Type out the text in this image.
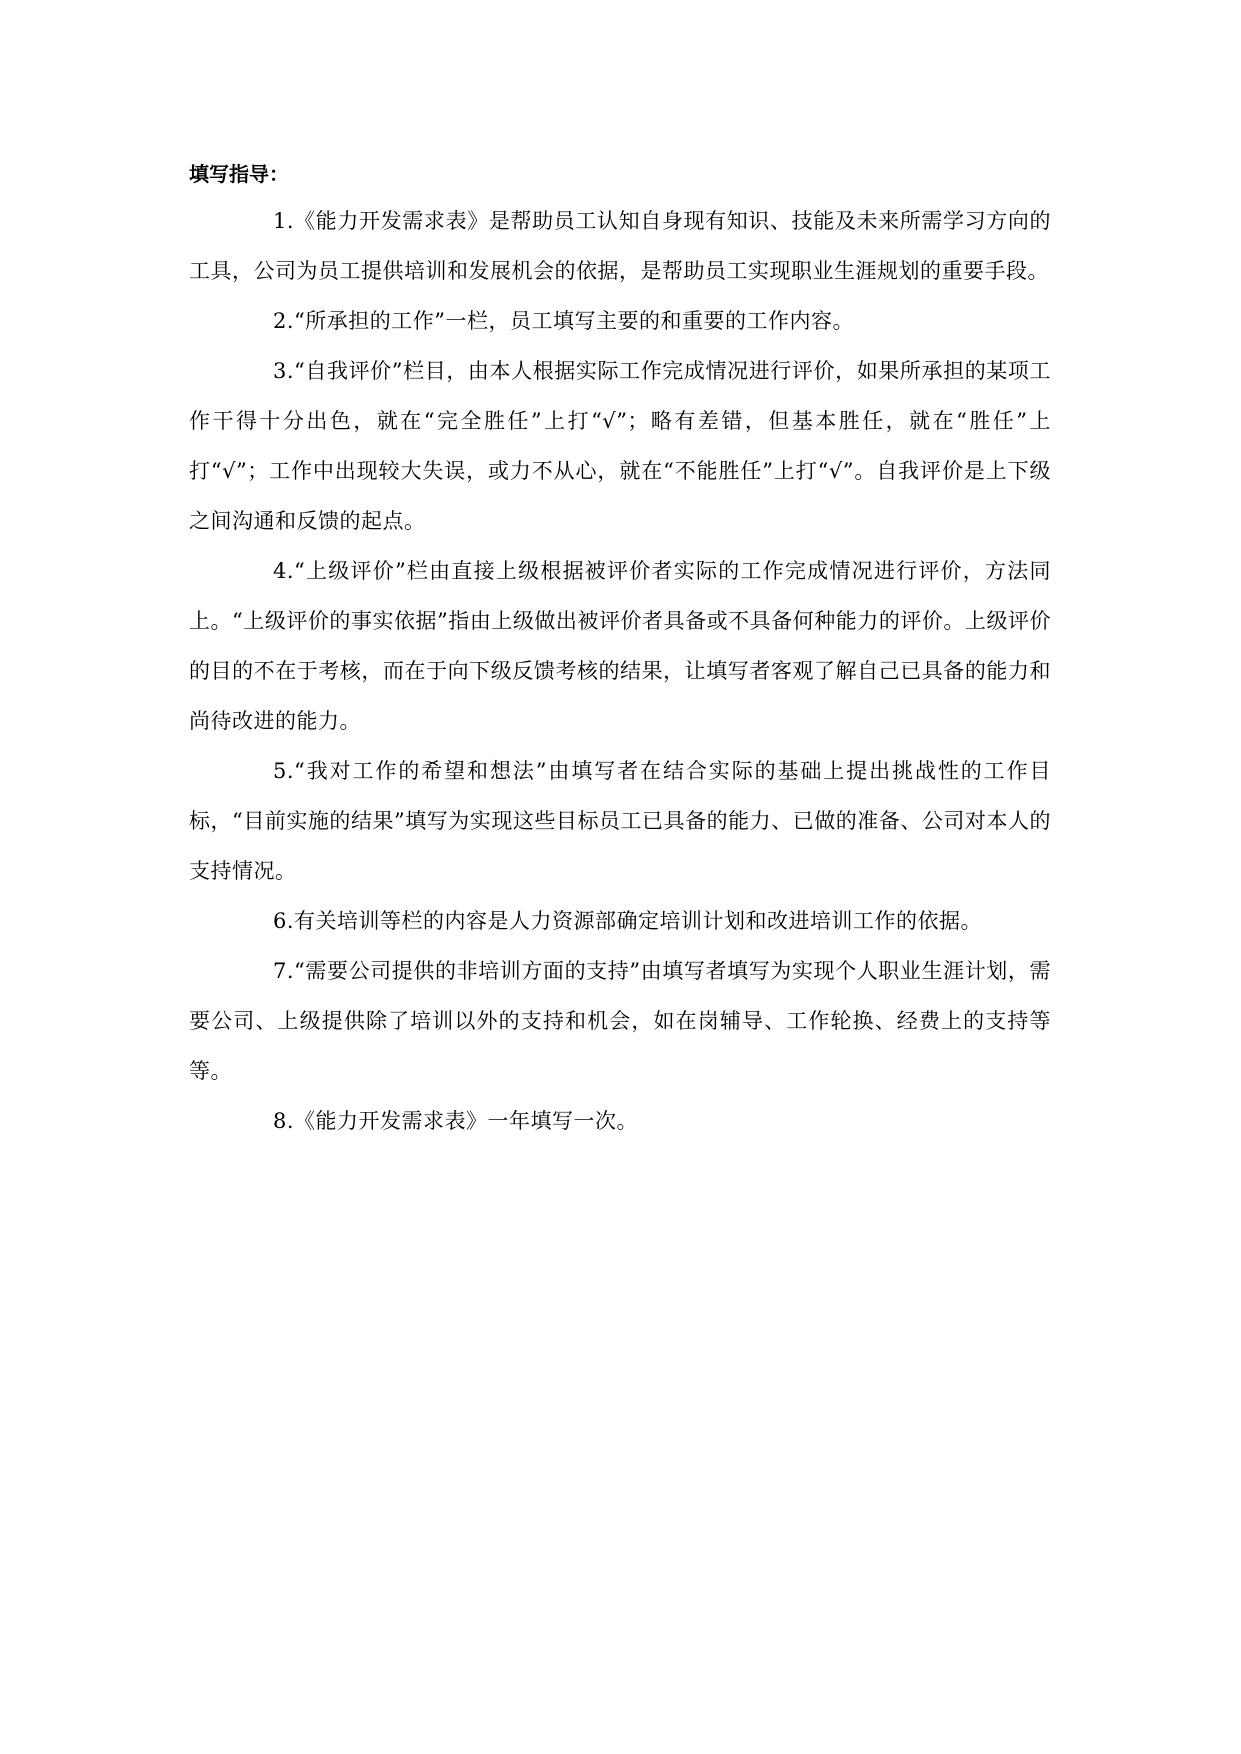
填写指导：

1.《能力开发需求表》是帮助员工认知自身现有知识、技能及未来所需学习方向的工具，公司为员工提供培训和发展机会的依据，是帮助员工实现职业生涯规划的重要手段。

2.“所承担的工作”一栏，员工填写主要的和重要的工作内容。

3.“自我评价”栏目，由本人根据实际工作完成情况进行评价，如果所承担的某项工作干得十分出色，就在“完全胜任”上打“√”；略有差错，但基本胜任，就在“胜任”上打“√”；工作中出现较大失误，或力不从心，就在“不能胜任”上打“√”。自我评价是上下级之间沟通和反馈的起点。

4.“上级评价”栏由直接上级根据被评价者实际的工作完成情况进行评价，方法同上。“上级评价的事实依据”指由上级做出被评价者具备或不具备何种能力的评价。上级评价的目的不在于考核，而在于向下级反馈考核的结果，让填写者客观了解自己已具备的能力和尚待改进的能力。

5.“我对工作的希望和想法”由填写者在结合实际的基础上提出挑战性的工作目标，“目前实施的结果”填写为实现这些目标员工已具备的能力、已做的准备、公司对本人的支持情况。

6.有关培训等栏的内容是人力资源部确定培训计划和改进培训工作的依据。

7.“需要公司提供的非培训方面的支持”由填写者填写为实现个人职业生涯计划，需要公司、上级提供除了培训以外的支持和机会，如在岗辅导、工作轮换、经费上的支持等等。

8.《能力开发需求表》一年填写一次。
